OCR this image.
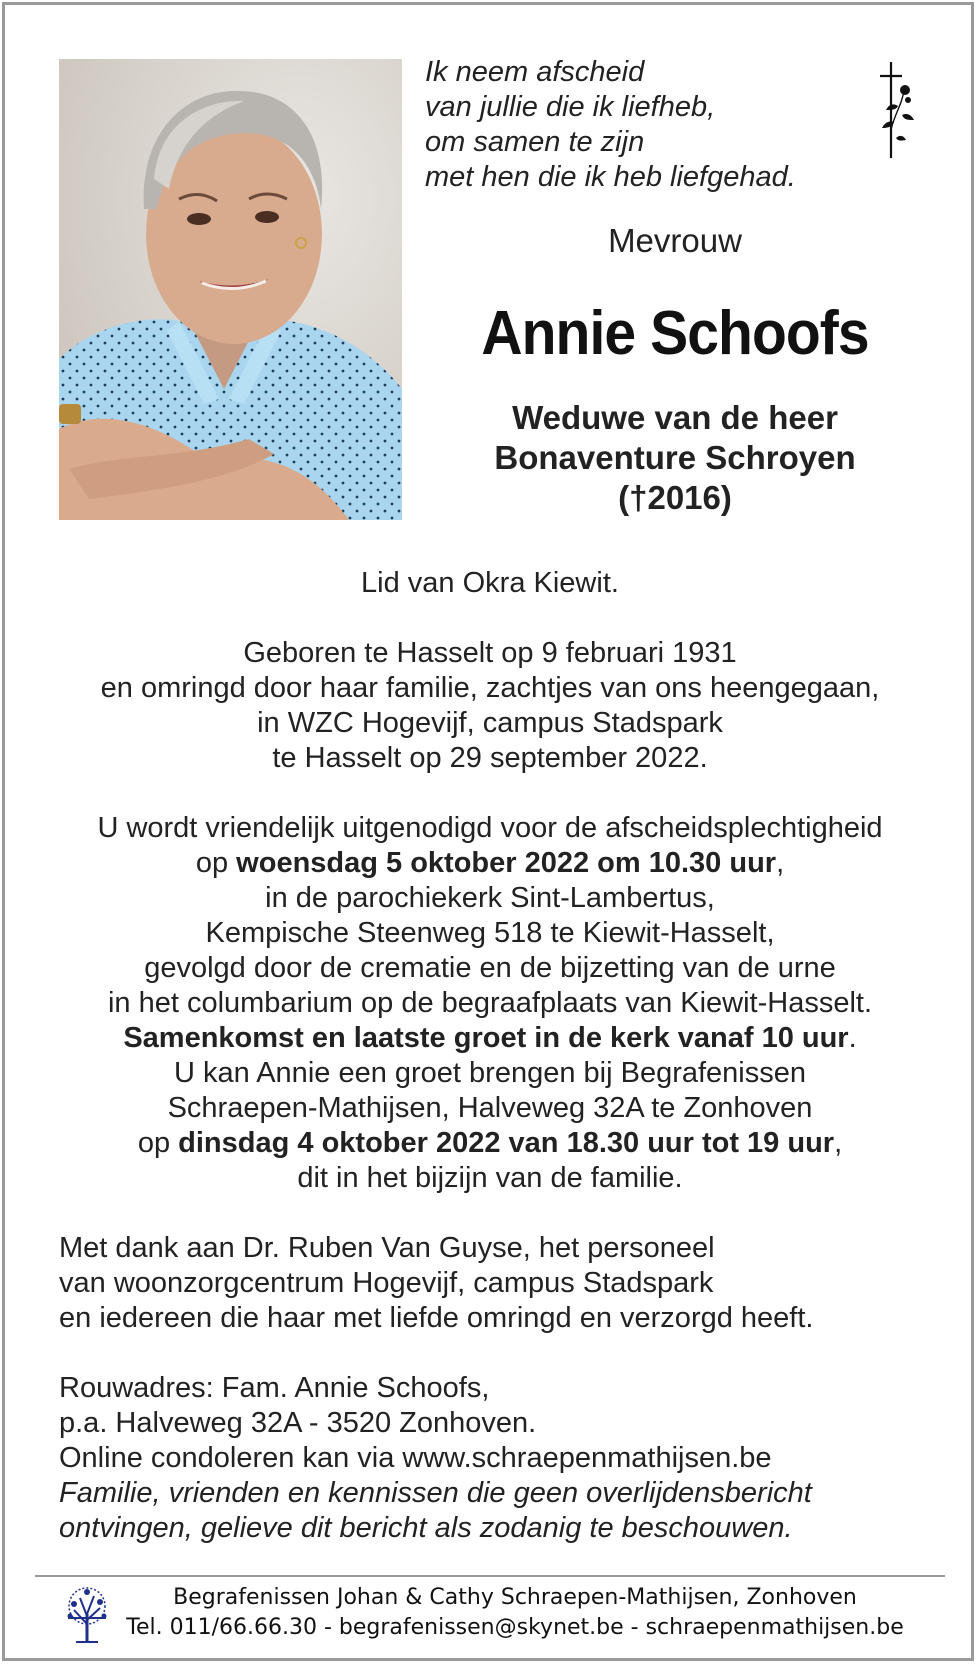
Ik neem afscheid
van jullie die ik liefheb,
om samen te zijn
met hen die ik heb liefgehad.
Mevrouw
Annie Schoofs
Weduwe van de heer
Bonaventure Schroyen
(†2016)
Lid van Okra Kiewit.
Geboren te Hasselt op 9 februari 1931
en omringd door haar familie, zachtjes van ons heengegaan,
in WZC Hogevijf, campus Stadspark
te Hasselt op 29 september 2022.
U wordt vriendelijk uitgenodigd voor de afscheidsplechtigheid
op woensdag 5 oktober 2022 om 10.30 uur,
in de parochiekerk Sint-Lambertus,
Kempische Steenweg 518 te Kiewit-Hasselt,
gevolgd door de crematie en de bijzetting van de urne
in het columbarium op de begraafplaats van Kiewit-Hasselt.
Samenkomst en laatste groet in de kerk vanaf 10 uur.
U kan Annie een groet brengen bij Begrafenissen
Schraepen-Mathijsen, Halveweg 32A te Zonhoven
op dinsdag 4 oktober 2022 van 18.30 uur tot 19 uur,
dit in het bijzijn van de familie.
Met dank aan Dr. Ruben Van Guyse, het personeel
van woonzorgcentrum Hogevijf, campus Stadspark
en iedereen die haar met liefde omringd en verzorgd heeft.
Rouwadres: Fam. Annie Schoofs,
p.a. Halveweg 32A - 3520 Zonhoven.
Online condoleren kan via www.schraepenmathijsen.be
Familie, vrienden en kennissen die geen overlijdensbericht
ontvingen, gelieve dit bericht als zodanig te beschouwen.
Begrafenissen Johan & Cathy Schraepen-Mathijsen, Zonhoven
Tel. 011/66.66.30 - begrafenissen@skynet.be - schraepenmathijsen.be
